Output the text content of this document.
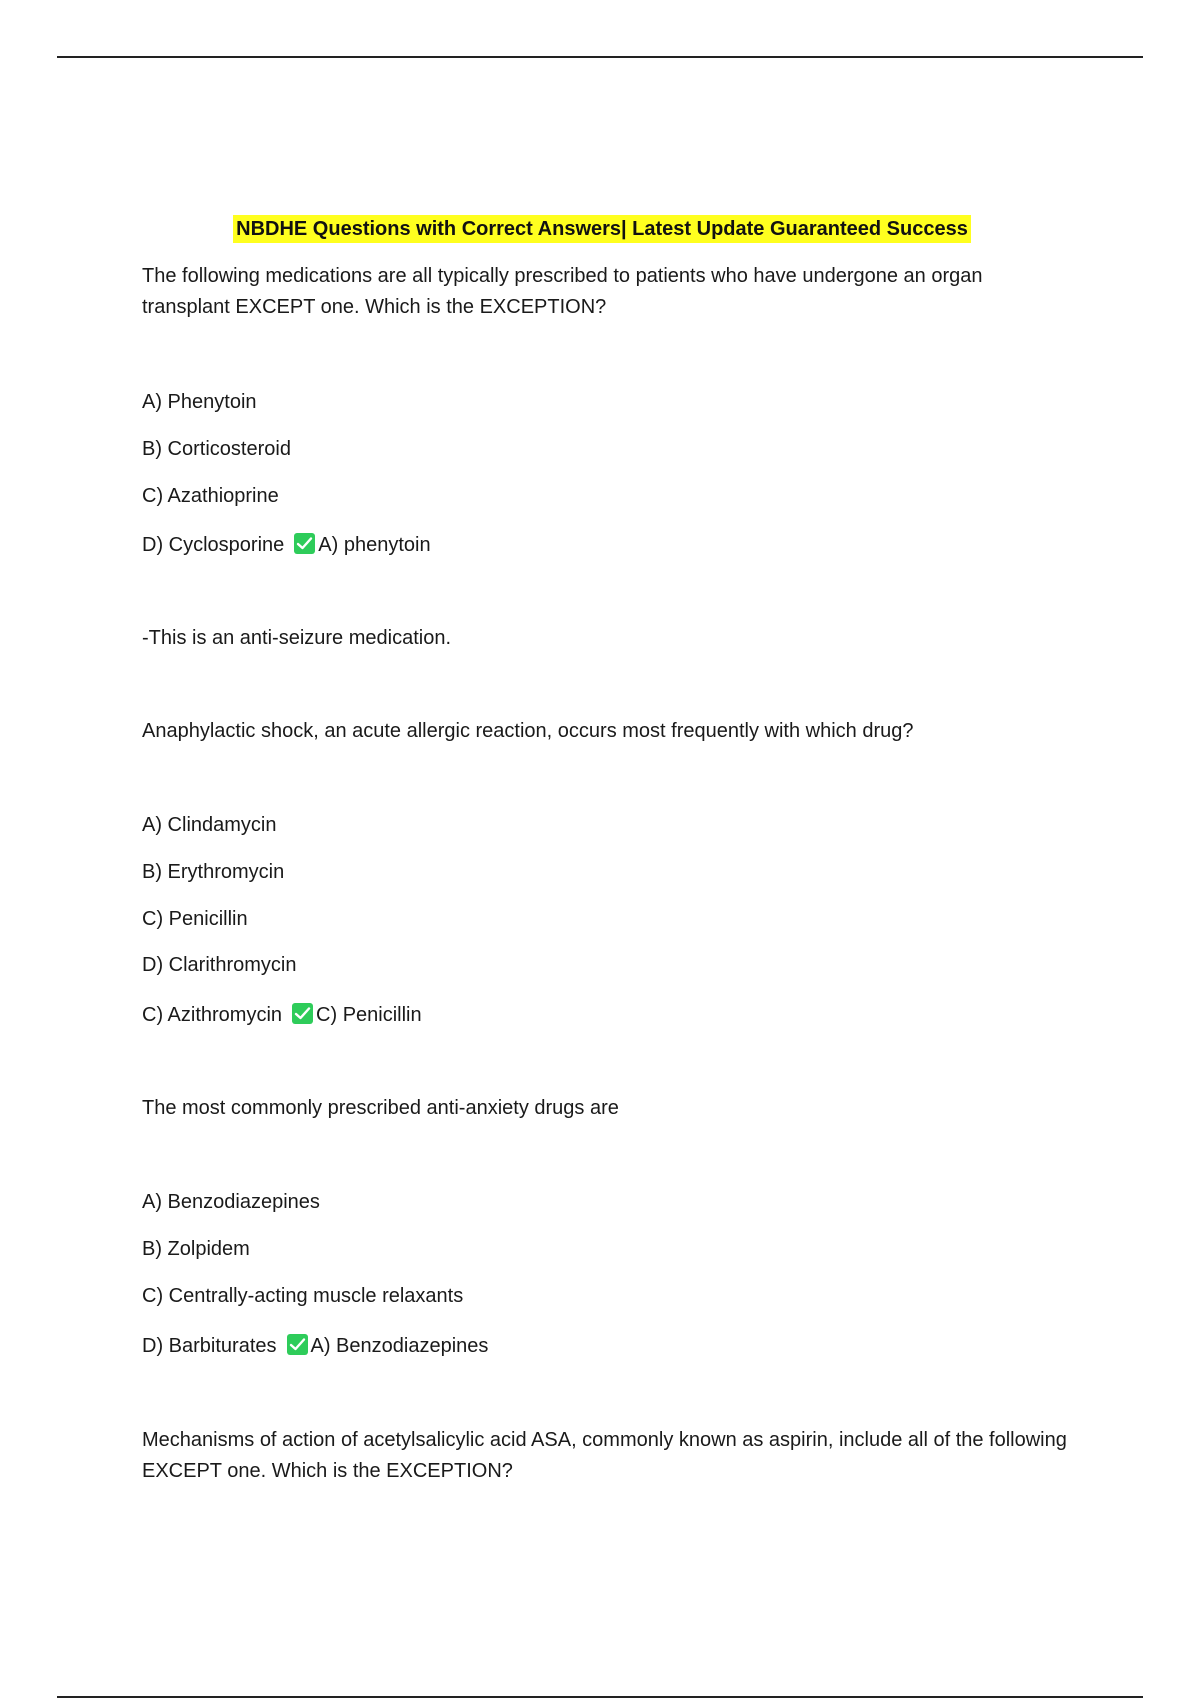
NBDHE Questions with Correct Answers| Latest Update Guaranteed Success
The following medications are all typically prescribed to patients who have undergone an organ transplant EXCEPT one. Which is the EXCEPTION?
A) Phenytoin
B) Corticosteroid
C) Azathioprine
D) Cyclosporine A) phenytoin
-This is an anti-seizure medication.
Anaphylactic shock, an acute allergic reaction, occurs most frequently with which drug?
A) Clindamycin
B) Erythromycin
C) Penicillin
D) Clarithromycin
C) Azithromycin C) Penicillin
The most commonly prescribed anti-anxiety drugs are
A) Benzodiazepines
B) Zolpidem
C) Centrally-acting muscle relaxants
D) Barbiturates A) Benzodiazepines
Mechanisms of action of acetylsalicylic acid ASA, commonly known as aspirin, include all of the following EXCEPT one. Which is the EXCEPTION?
